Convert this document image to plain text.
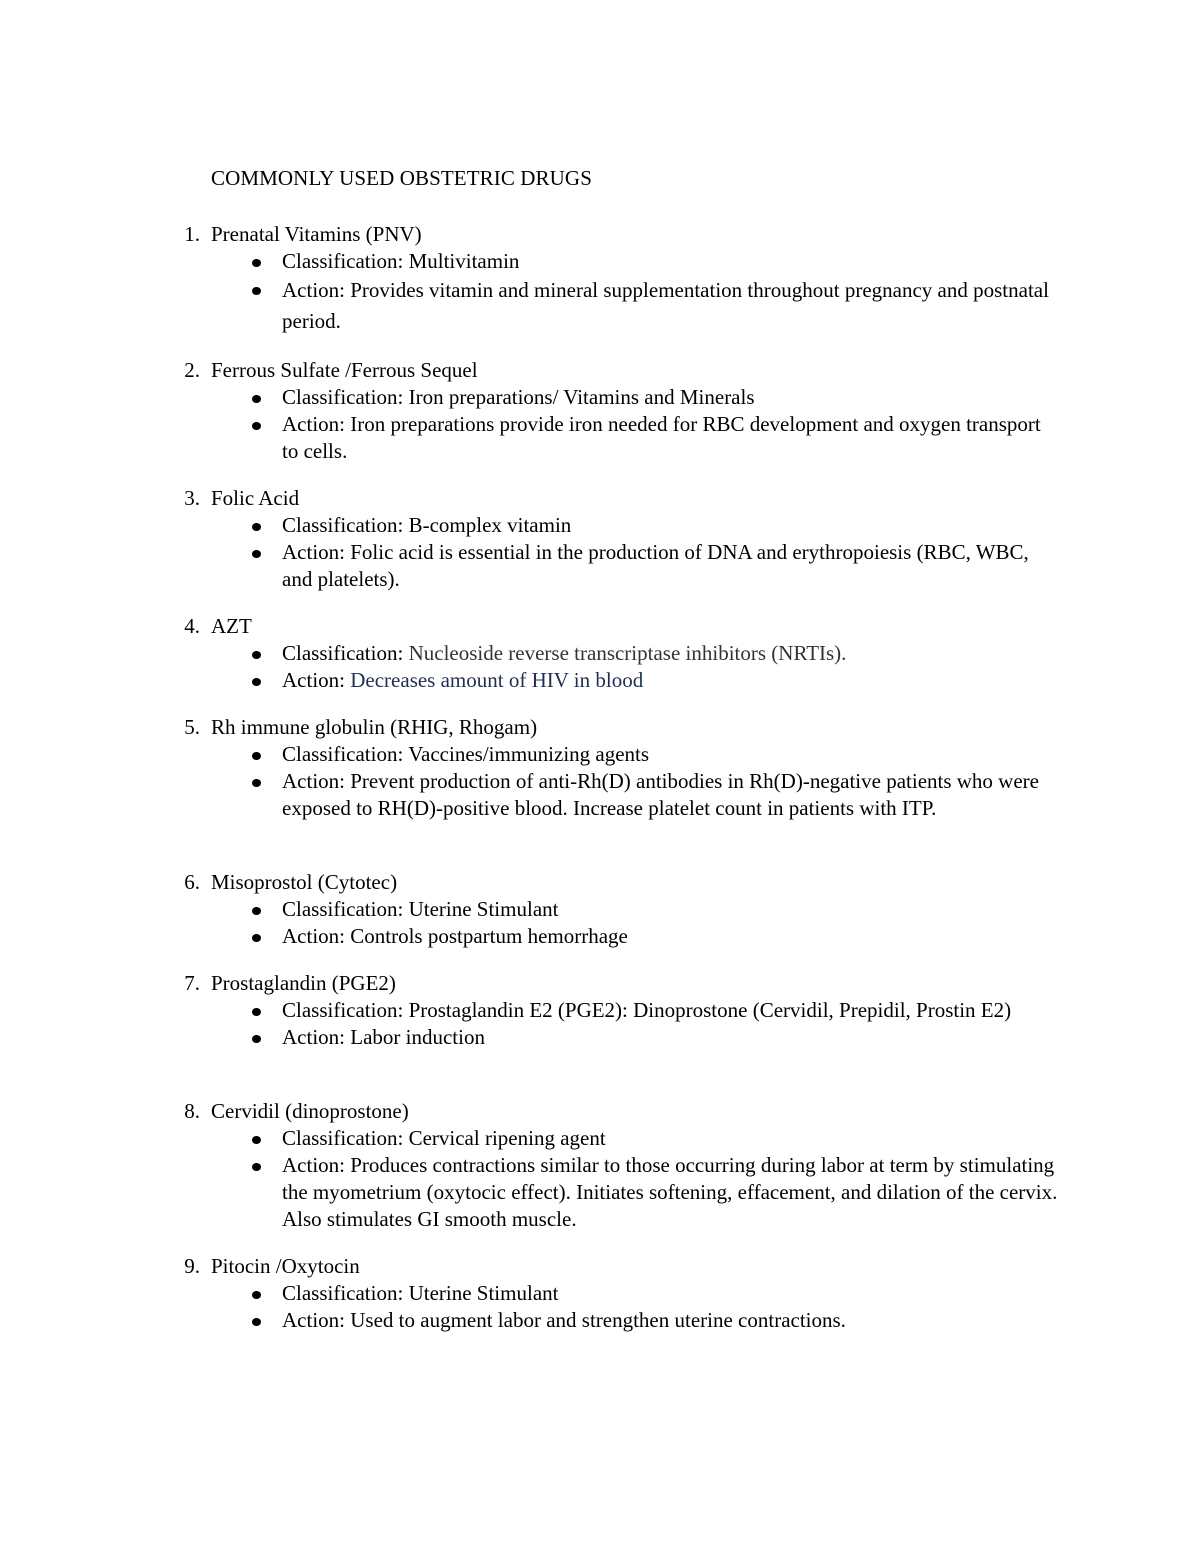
COMMONLY USED OBSTETRIC DRUGS
1. Prenatal Vitamins (PNV)
Classification: Multivitamin
Action: Provides vitamin and mineral supplementation throughout pregnancy and postnatal period.
2. Ferrous Sulfate /Ferrous Sequel
Classification: Iron preparations/ Vitamins and Minerals
Action: Iron preparations provide iron needed for RBC development and oxygen transport to cells.
3. Folic Acid
Classification: B-complex vitamin
Action: Folic acid is essential in the production of DNA and erythropoiesis (RBC, WBC, and platelets).
4. AZT
Classification: Nucleoside reverse transcriptase inhibitors (NRTIs).
Action: Decreases amount of HIV in blood
5. Rh immune globulin (RHIG, Rhogam)
Classification: Vaccines/immunizing agents
Action: Prevent production of anti-Rh(D) antibodies in Rh(D)-negative patients who were exposed to RH(D)-positive blood. Increase platelet count in patients with ITP.
6. Misoprostol (Cytotec)
Classification: Uterine Stimulant
Action: Controls postpartum hemorrhage
7. Prostaglandin (PGE2)
Classification: Prostaglandin E2 (PGE2): Dinoprostone (Cervidil, Prepidil, Prostin E2)
Action: Labor induction
8. Cervidil (dinoprostone)
Classification: Cervical ripening agent
Action: Produces contractions similar to those occurring during labor at term by stimulating the myometrium (oxytocic effect). Initiates softening, effacement, and dilation of the cervix. Also stimulates GI smooth muscle.
9. Pitocin /Oxytocin
Classification: Uterine Stimulant
Action: Used to augment labor and strengthen uterine contractions.
